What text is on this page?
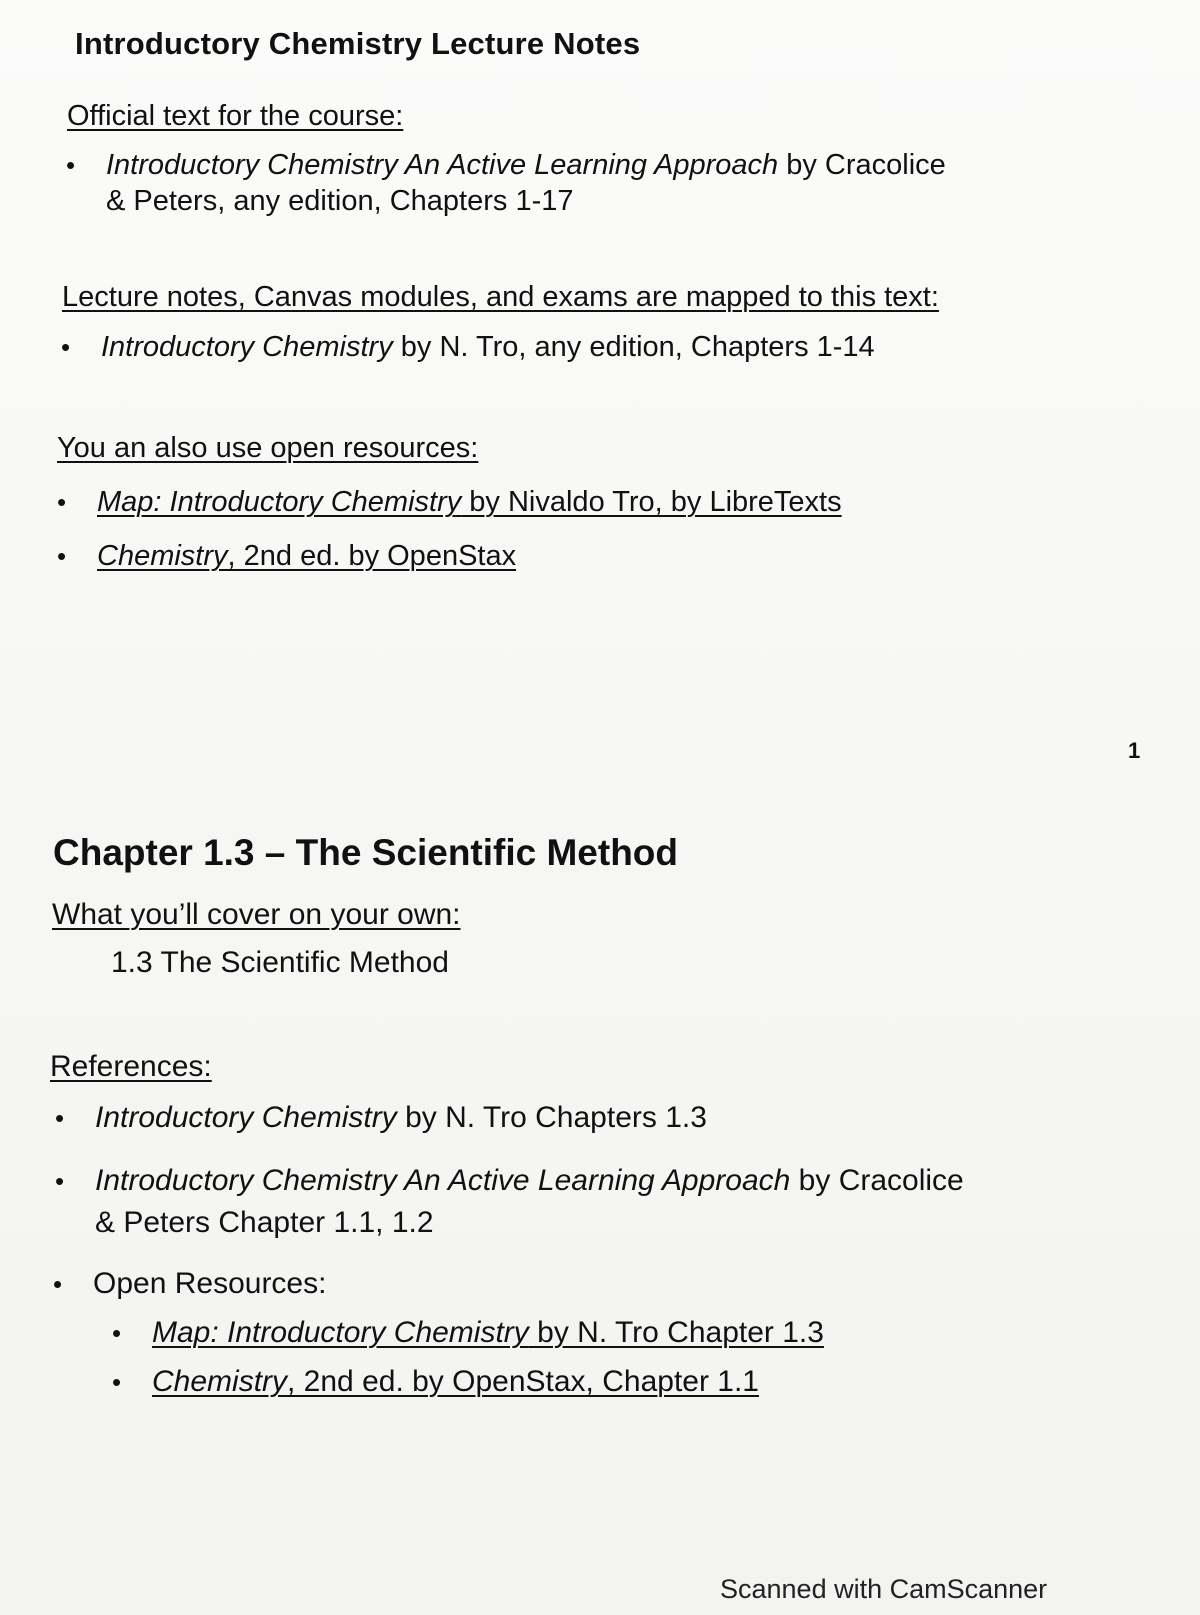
Introductory Chemistry Lecture Notes
Official text for the course:
• Introductory Chemistry An Active Learning Approach by Cracolice
& Peters, any edition, Chapters 1-17
Lecture notes, Canvas modules, and exams are mapped to this text:
• Introductory Chemistry by N. Tro, any edition, Chapters 1-14
You an also use open resources:
• Map: Introductory Chemistry by Nivaldo Tro, by LibreTexts
• Chemistry, 2nd ed. by OpenStax
1
Chapter 1.3 – The Scientific Method
What you’ll cover on your own:
1.3 The Scientific Method
References:
• Introductory Chemistry by N. Tro Chapters 1.3
• Introductory Chemistry An Active Learning Approach by Cracolice
& Peters Chapter 1.1, 1.2
• Open Resources:
• Map: Introductory Chemistry by N. Tro Chapter 1.3
• Chemistry, 2nd ed. by OpenStax, Chapter 1.1
Scanned with CamScanner
